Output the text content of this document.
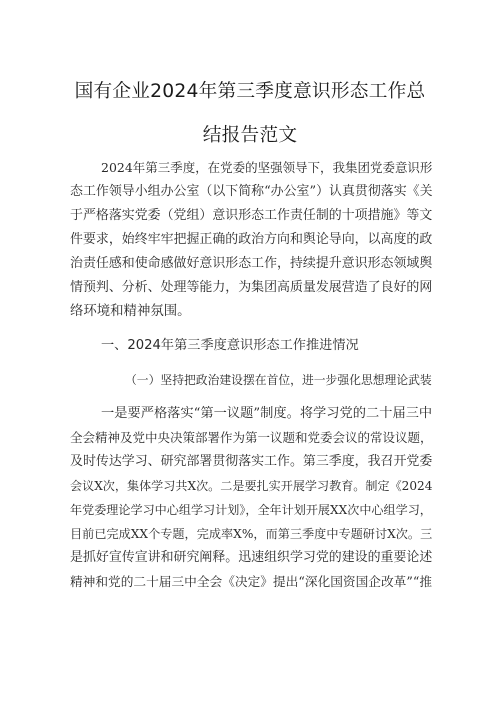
国有企业2024年第三季度意识形态工作总
结报告范文
2024年第三季度，在党委的坚强领导下，我集团党委意识形
态工作领导小组办公室（以下简称“办公室”）认真贯彻落实《关
于严格落实党委（党组）意识形态工作责任制的十项措施》等文
件要求，始终牢牢把握正确的政治方向和舆论导向，以高度的政
治责任感和使命感做好意识形态工作，持续提升意识形态领域舆
情预判、分析、处理等能力，为集团高质量发展营造了良好的网
络环境和精神氛围。
一、2024年第三季度意识形态工作推进情况
（一）坚持把政治建设摆在首位，进一步强化思想理论武装
一是要严格落实“第一议题”制度。将学习党的二十届三中
全会精神及党中央决策部署作为第一议题和党委会议的常设议题，
及时传达学习、研究部署贯彻落实工作。第三季度，我召开党委
会议X次，集体学习共X次。二是要扎实开展学习教育。制定《2024
年党委理论学习中心组学习计划》，全年计划开展XX次中心组学习，
目前已完成XX个专题，完成率X%，而第三季度中专题研讨X次。三
是抓好宣传宣讲和研究阐释。迅速组织学习党的建设的重要论述
精神和党的二十届三中全会《决定》提出“深化国资国企改革”“推
